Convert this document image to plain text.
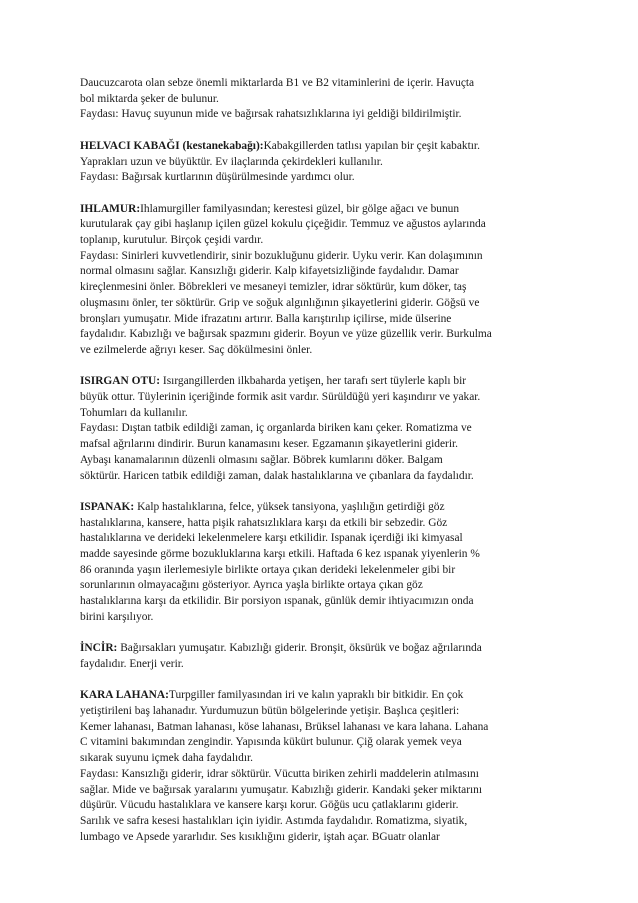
Daucuzcarota olan sebze önemli miktarlarda B1 ve B2 vitaminlerini de içerir. Havuçta
bol miktarda şeker de bulunur.

Faydası: Havuç suyunun mide ve bağırsak rahatsızlıklarına iyi geldiği bildirilmiştir.

HELVACI KABAĞI (kestanekabağı):Kabakgillerden tatlısı yapılan bir çeşit kabaktır.
Yaprakları uzun ve büyüktür. Ev ilaçlarında çekirdekleri kullanılır.

Faydası: Bağırsak kurtlarının düşürülmesinde yardımcı olur.

IHLAMUR:Ihlamurgiller familyasından; kerestesi güzel, bir gölge ağacı ve bunun
kurutularak çay gibi haşlanıp içilen güzel kokulu çiçeğidir. Temmuz ve ağustos aylarında
toplanıp, kurutulur. Birçok çeşidi vardır.

Faydası: Sinirleri kuvvetlendirir, sinir bozukluğunu giderir. Uyku verir. Kan dolaşımının
normal olmasını sağlar. Kansızlığı giderir. Kalp kifayetsizliğinde faydalıdır. Damar
kireçlenmesini önler. Böbrekleri ve mesaneyi temizler, idrar söktürür, kum döker, taş
oluşmasını önler, ter söktürür. Grip ve soğuk algınlığının şikayetlerini giderir. Göğsü ve
bronşları yumuşatır. Mide ifrazatını artırır. Balla karıştırılıp içilirse, mide ülserine
faydalıdır. Kabızlığı ve bağırsak spazmını giderir. Boyun ve yüze güzellik verir. Burkulma
ve ezilmelerde ağrıyı keser. Saç dökülmesini önler.

ISIRGAN OTU: Isırgangillerden ilkbaharda yetişen, her tarafı sert tüylerle kaplı bir
büyük ottur. Tüylerinin içeriğinde formik asit vardır. Sürüldüğü yeri kaşındırır ve yakar.
Tohumları da kullanılır.

Faydası: Dıştan tatbik edildiği zaman, iç organlarda biriken kanı çeker. Romatizma ve
mafsal ağrılarını dindirir. Burun kanamasını keser. Egzamanın şikayetlerini giderir.
Aybaşı kanamalarının düzenli olmasını sağlar. Böbrek kumlarını döker. Balgam
söktürür. Haricen tatbik edildiği zaman, dalak hastalıklarına ve çıbanlara da faydalıdır.

ISPANAK: Kalp hastalıklarına, felce, yüksek tansiyona, yaşlılığın getirdiği göz
hastalıklarına, kansere, hatta pişik rahatsızlıklara karşı da etkili bir sebzedir. Göz
hastalıklarına ve derideki lekelenmelere karşı etkilidir. Ispanak içerdiği iki kimyasal
madde sayesinde görme bozukluklarına karşı etkili. Haftada 6 kez ıspanak yiyenlerin %
86 oranında yaşın ilerlemesiyle birlikte ortaya çıkan derideki lekelenmeler gibi bir
sorunlarının olmayacağını gösteriyor. Ayrıca yaşla birlikte ortaya çıkan göz
hastalıklarına karşı da etkilidir. Bir porsiyon ıspanak, günlük demir ihtiyacımızın onda
birini karşılıyor.

İNCİR: Bağırsakları yumuşatır. Kabızlığı giderir. Bronşit, öksürük ve boğaz ağrılarında
faydalıdır. Enerji verir.

KARA LAHANA:Turpgiller familyasından iri ve kalın yapraklı bir bitkidir. En çok
yetiştirileni baş lahanadır. Yurdumuzun bütün bölgelerinde yetişir. Başlıca çeşitleri:
Kemer lahanası, Batman lahanası, köse lahanası, Brüksel lahanası ve kara lahana. Lahana
C vitamini bakımından zengindir. Yapısında kükürt bulunur. Çiğ olarak yemek veya
sıkarak suyunu içmek daha faydalıdır.

Faydası: Kansızlığı giderir, idrar söktürür. Vücutta biriken zehirli maddelerin atılmasını
sağlar. Mide ve bağırsak yaralarını yumuşatır. Kabızlığı giderir. Kandaki şeker miktarını
düşürür. Vücudu hastalıklara ve kansere karşı korur. Göğüs ucu çatlaklarını giderir.
Sarılık ve safra kesesi hastalıkları için iyidir. Astımda faydalıdır. Romatizma, siyatik,
lumbago ve Apsede yararlıdır. Ses kısıklığını giderir, iştah açar. BGuatr olanlar
